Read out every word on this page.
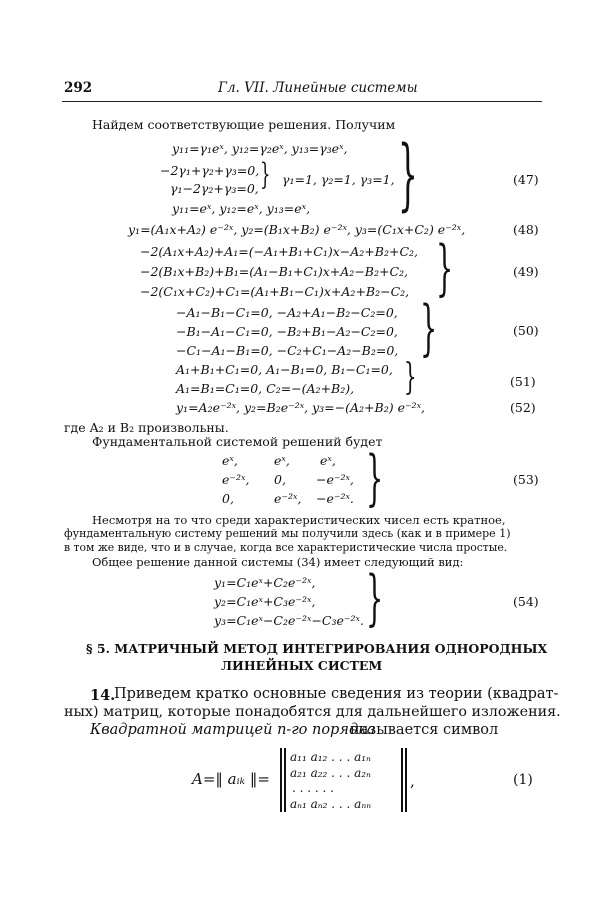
292	Гл. VII. Линейные системы
Найдем соответствующие решения. Получим
y₁₁=γ₁eˣ, y₁₂=γ₂eˣ, y₁₃=γ₃eˣ,
−2γ₁+γ₂+γ₃=0,
γ₁−2γ₂+γ₃=0, } γ₁=1, γ₂=1, γ₃=1,
y₁₁=eˣ, y₁₂=eˣ, y₁₃=eˣ, }	(47)
y₁=(A₁x+A₂) e⁻²ˣ, y₂=(B₁x+B₂) e⁻²ˣ, y₃=(C₁x+C₂) e⁻²ˣ,	(48)
−2(A₁x+A₂)+A₁=(−A₁+B₁+C₁)x−A₂+B₂+C₂,
−2(B₁x+B₂)+B₁=(A₁−B₁+C₁)x+A₂−B₂+C₂,
−2(C₁x+C₂)+C₁=(A₁+B₁−C₁)x+A₂+B₂−C₂, }	(49)
−A₁−B₁−C₁=0, −A₂+A₁−B₂−C₂=0,
−B₁−A₁−C₁=0, −B₂+B₁−A₂−C₂=0,
−C₁−A₁−B₁=0, −C₂+C₁−A₂−B₂=0, }	(50)
A₁+B₁+C₁=0, A₁−B₁=0, B₁−C₁=0,
A₁=B₁=C₁=0, C₂=−(A₂+B₂), }	(51)
y₁=A₂e⁻²ˣ, y₂=B₂e⁻²ˣ, y₃=−(A₂+B₂) e⁻²ˣ,	(52)
где A₂ и B₂ произвольны.
Фундаментальной системой решений будет
eˣ,	eˣ, eˣ,
e⁻²ˣ, 0, −e⁻²ˣ,
0,	e⁻²ˣ, −e⁻²ˣ. }	(53)
Несмотря на то что среди характеристических чисел есть кратное,
фундаментальную систему решений мы получили здесь (как и в примере 1)
в том же виде, что и в случае, когда все характеристические числа простые.
Общее решение данной системы (34) имеет следующий вид:
y₁=C₁eˣ+C₂e⁻²ˣ,
y₂=C₁eˣ+C₃e⁻²ˣ,
y₃=C₁eˣ−C₂e⁻²ˣ−C₃e⁻²ˣ. }	(54)
§ 5. МАТРИЧНЫЙ МЕТОД ИНТЕГРИРОВАНИЯ ОДНОРОДНЫХ
ЛИНЕЙНЫХ СИСТЕМ
14.
Приведем кратко основные сведения из теории (квадрат-
ных) матриц, которые понадобятся для дальнейшего изложения.
Квадратной матрицей n-го порядка
называется символ
A=‖ aᵢₖ ‖=
a₁₁ a₁₂ . . . a₁ₙ
a₂₁ a₂₂ . . . a₂ₙ
. . . . . .
aₙ₁ aₙ₂ . . . aₙₙ
,	(1)
